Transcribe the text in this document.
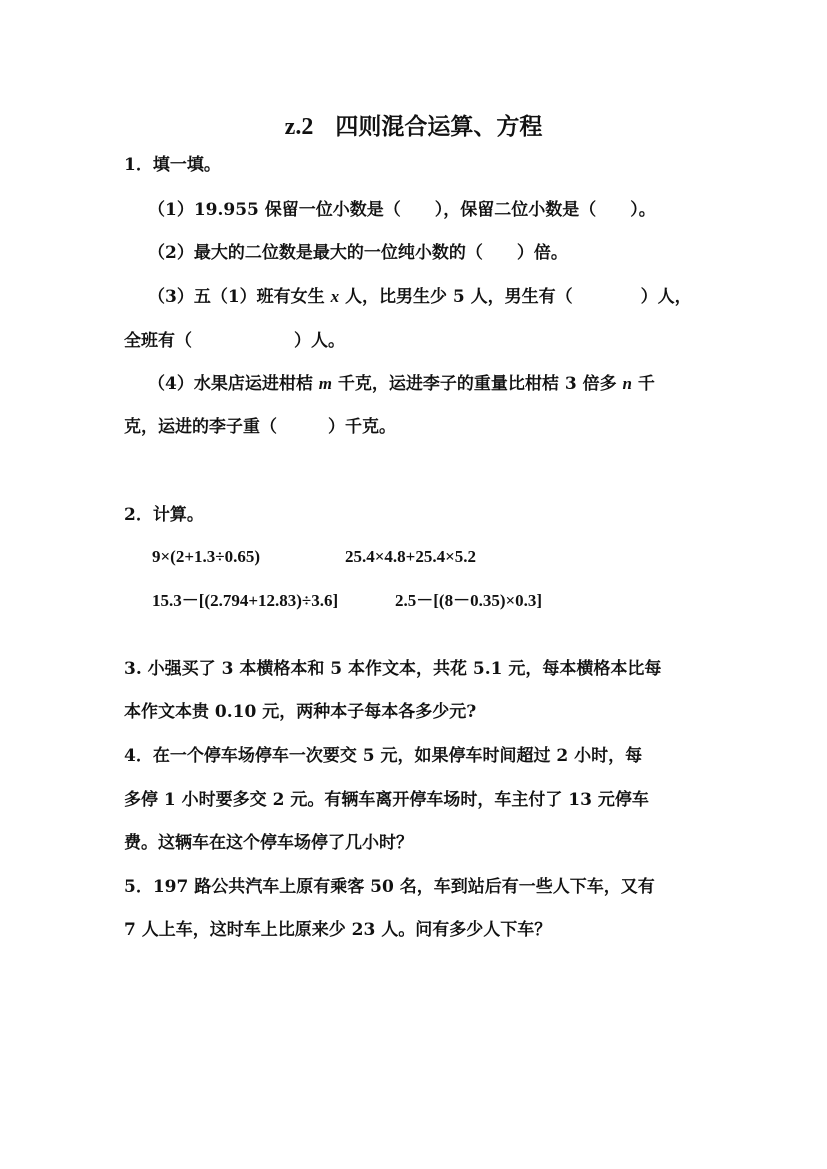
z.2 四则混合运算、方程
1．填一填。
（1）19.955 保留一位小数是（　　），保留二位小数是（　　）。
（2）最大的二位数是最大的一位纯小数的（　　）倍。
（3）五（1）班有女生 x 人，比男生少 5 人，男生有（　　　　）人，
全班有（　　　　　　）人。
（4）水果店运进柑桔 m 千克，运进李子的重量比柑桔 3 倍多 n 千
克，运进的李子重（　　　）千克。
2．计算。
9×(2+1.3÷0.65)	25.4×4.8+25.4×5.2
15.3－[(2.794+12.83)÷3.6]	2.5－[(8－0.35)×0.3]
3. 小强买了 3 本横格本和 5 本作文本，共花 5.1 元，每本横格本比每
本作文本贵 0.10 元，两种本子每本各多少元?
4．在一个停车场停车一次要交 5 元，如果停车时间超过 2 小时，每
多停 1 小时要多交 2 元。有辆车离开停车场时，车主付了 13 元停车
费。这辆车在这个停车场停了几小时？
5．197 路公共汽车上原有乘客 50 名，车到站后有一些人下车，又有
7 人上车，这时车上比原来少 23 人。问有多少人下车？
